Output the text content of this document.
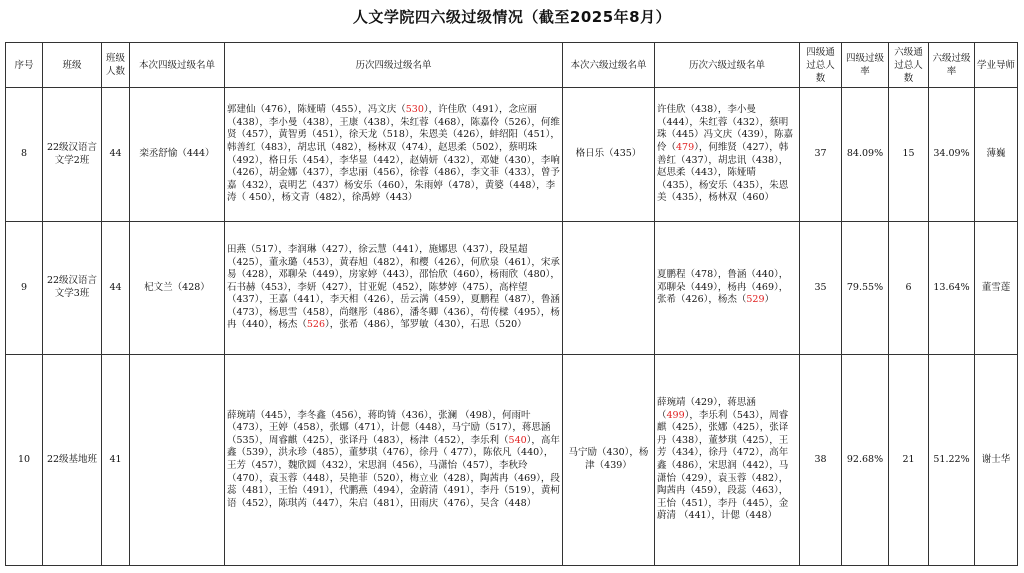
人文学院四六级过级情况（截至2025年8月）
序号	班级	班级人数	本次四级过级名单	历次四级过级名单	本次六级过级名单	历次六级过级名单	四级通过总人数	四级过级率	六级通过总人数	六级过级率	学业导师
8	22级汉语言文学2班	44	栾丞舒愉（444）	郭建仙（476），陈娅晴（455），冯文庆（530），许佳欣（491），念应丽（438），李小曼（438），王康（438），朱红蓉（468），陈嘉伶（526），何维贤（457），黄智勇（451），徐天龙（518），朱恩美（426），蚌绍阳（451），韩善红（483），胡忠讯（482），杨林双（474），赵思柔（502），蔡明珠（492），格日乐（454），李华显（442），赵婧妍（432），邓婕（430），李响（426），胡金娜（437），李忠丽（456），徐蓉（486），李文菲（433），曾予嘉（432），袁明艺（437）杨安乐（460），朱雨婷（478），黄婆（448），李涛（ 450），杨文青（482），徐禹婷（443）	格日乐（435）	许佳欣（438），李小曼（444），朱红蓉（432），蔡明珠（445）冯文庆（439），陈嘉伶（479），何维贤（427），韩善红（437），胡忠讯（438），赵思柔（443），陈娅晴（435），杨安乐（435），朱恩美（435），杨林双（460）	37	84.09%	15	34.09%	薄巍
9	22级汉语言文学3班	44	杞文兰（428）	田燕（517），李润琳（427），徐云慧（441），施娜思（437），段星超（425），董永璐（453），黄春旭（482），和樱（426），何欣泉（461），宋承易（428），邓聊朵（449），房家婷（443），邵怡欣（460），杨雨欣（480），石书赫（453），李妍（427），甘亚妮（452），陈梦婷（475），高梓望（437），王嘉（441），李天相（426），岳云满（459），夏鹏程（487），鲁涵（473），杨思雪（458），尚继彤（486），潘冬卿（436），苟传樑（495），杨冉（440），杨杰（526），张希（486），邹罗敏（430），石思（520）		夏鹏程（478），鲁涵（440），邓聊朵（449），杨冉（469），张希（426），杨杰（529）	35	79.55%	6	13.64%	董雪莲
10	22级基地班	41		薛琬靖（445），李冬鑫（456），蒋昀锜（436），张澜 （498），何雨叶（473），王婷（458），张娜（471），计偲（448），马宁励（517），蒋思涵（535），周睿麒（425），张译丹（483），杨津（452），李乐利（540），高年鑫（539），洪永珍（485），董梦琪（476），徐丹（ 477），陈依凡（440），王芳（457），魏欣圆（432），宋思润（456），马潇怡（457），李秋玲（470），袁玉蓉（448），吴艳菲（520），梅立业（428），陶茜冉（469），段蕊（481），王怡（491），代鹏燕（494），金蔚清（491），李丹（519），黄柯语（452），陈琪芮（447），朱启（481），田雨庆（476），吴含（448）	马宁励（430），杨津（439）	薛琬靖（429），蒋思涵（499），李乐利（543），周睿麒（425），张娜（425），张译丹（438），董梦琪（425），王芳（434），徐丹（472），高年鑫（486），宋思润（442），马潇怡（429），袁玉蓉（482），陶茜冉（459），段蕊（463），王怡（451），李丹（445），金蔚清 （441），计偲（448）	38	92.68%	21	51.22%	谢士华
